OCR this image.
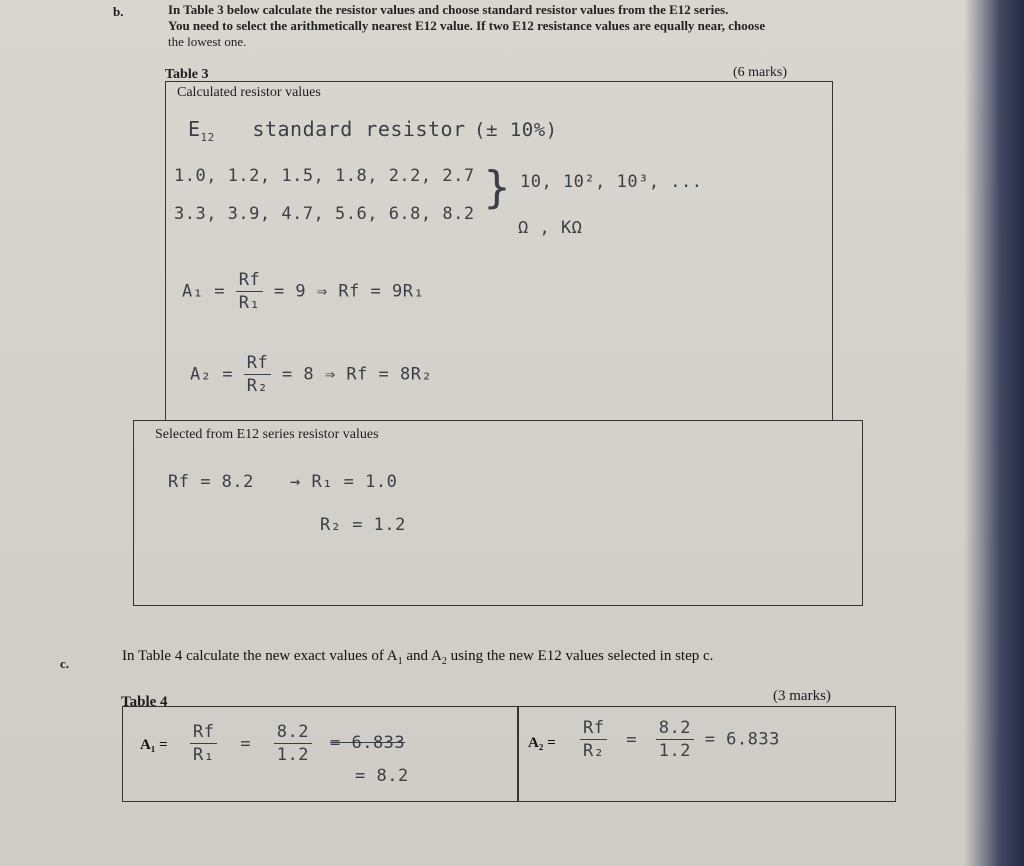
b.	In Table 3 below calculate the resistor values and choose standard resistor values from the E12 series.
You need to select the arithmetically nearest E12 value. If two E12 resistance values are equally near, choose
the lowest one.
Table 3	(6 marks)
Calculated resistor values
$E_{12}$ standard resistor (± 10%)
1.0, 1.2, 1.5, 1.8, 2.2, 2.7
3.3, 3.9, 4.7, 5.6, 6.8, 8.2
} 10, 10², 10³, ...
Ω , KΩ
$A_1 = \frac{Rf}{\text{R₁}} = 9$ ⇒ Rf = 9R₁
$A_2 = \frac{Rf}{\text{R₂}} = 8$ ⇒ Rf = 8R₂
Selected from E12 series resistor values
Rf = 8.2 → R₁ = 1.0
R₂ = 1.2
c.	In Table 4 calculate the new exact values of $A_1$ and $A_2$ using the new E12 values selected in step c.
Table 4	(3 marks)
$A_1 = \frac{Rf}{\text{R₁}} = \frac{8.2}{1.2} = 6.833$
= 8.2
$A_2 = \frac{Rf}{\text{R₂}} = \frac{8.2}{1.2} = 6.833$
